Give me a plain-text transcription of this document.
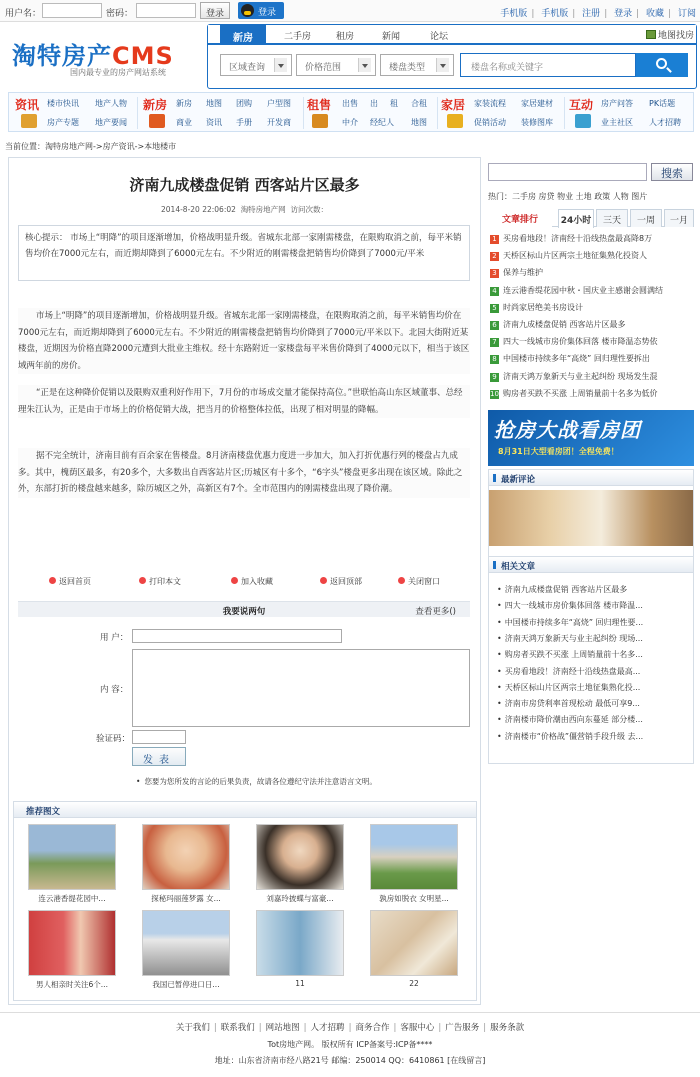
用户名：	密码：	登录	登录	手机版 | 手机版 | 注册 | 登录 | 收藏 | 订阅
淘特房产CMS
国内最专业的房产网站系统
新房	二手房	租房	新闻	论坛	地图找房
区域查询	价格范围	楼盘类型	楼盘名称或关键字
资讯 楼市快讯 地产人物
房产专题 地产要闻
新房 新房 地图 团购 户型图
商业 资讯 手册 开发商
租售 出售 出 租 合租
中介 经纪人 地图
家居 家装流程 家居建材
促销活动 装修图库
互动 房产问答 PK话题
业主社区 人才招聘
当前位置：淘特房地产网->房产资讯->本地楼市
济南九成楼盘促销 西客站片区最多
2014-8-20 22:06:02 淘特房地产网 访问次数：
核心提示： 市场上“明降”的项目逐渐增加，价格战明显升级。省城东北部一家刚需楼盘，在限购取消之前，每平米销售均价在7000元左右，而近期却降到了6000元左右。不少附近的刚需楼盘把销售均价降到了7000元/平米
市场上“明降”的项目逐渐增加，价格战明显升级。省城东北部一家刚需楼盘，在限购取消之前，每平米销售均价在7000元左右，而近期却降到了6000元左右。不少附近的刚需楼盘把销售均价降到了7000元/平米以下。北园大街附近某楼盘，近期因为价格直降2000元遭到大批业主维权。经十东路附近一家楼盘每平米售价降到了4000元以下，相当于该区域两年前的房价。
“正是在这种降价促销以及限购双重利好作用下，7月份的市场成交量才能保持高位。”世联怡高山东区域董事、总经理朱江认为，正是由于市场上的价格促销大战，把当月的价格整体拉低，出现了相对明显的降幅。
据不完全统计，济南目前有百余家在售楼盘。8月济南楼盘优惠力度进一步加大，加入打折优惠行列的楼盘占九成多。其中，槐荫区最多，有20多个，大多数出自西客站片区;历城区有十多个，“6字头”楼盘更多出现在该区域。除此之外，东部打折的楼盘越来越多，除历城区之外，高新区有7个。全市范围内的刚需楼盘出现了降价潮。
返回首页	打印本文	加入收藏	返回顶部	关闭窗口
我要说两句	查看更多()
用 户：
内 容：
验证码：
发表
• 您要为您所发的言论的后果负责，故请各位遵纪守法并注意语言文明。
推荐图文
连云港香缇花园中...	探秘玛丽莲梦露 女...	刘嘉玲披蝶与富豪...	孰房如脱衣 女明星...
男人相亲时关注6个...	我国已暂停进口日...	11	22
搜索
热门：二手房 房贷 物业 土地 政策 人物 图片
文章排行	24小时	三天	一周	一月
1 买房看地段！济南经十沿线热盘最高降8万
2 天桥区标山片区两宗土地征集熟化投资人
3 保养与维护
4 连云港香缇花园中秋・国庆业主感谢会圆满结
5 时尚家居绝美书房设计
6 济南九成楼盘促销 西客站片区最多
7 四大一线城市房价集体回落 楼市降温态势依
8 中国楼市持续多年“高烧” 回归理性要拆出
9 济南天鸿万象新天与业主起纠纷 现场发生混
10 购房者买跌不买涨 上周销量前十名多为低价
抢房大战看房团
8月31日大型看房团！全程免费！
最新评论
相关文章
• 济南九成楼盘促销 西客站片区最多
• 四大一线城市房价集体回落 楼市降温...
• 中国楼市持续多年“高烧” 回归理性要...
• 济南天鸿万象新天与业主起纠纷 现场...
• 购房者买跌不买涨 上周销量前十名多...
• 买房看地段！济南经十沿线热盘最高...
• 天桥区标山片区两宗土地征集熟化投...
• 济南市房贷利率首现松动 最低可享9...
• 济南楼市降价潮由西向东蔓延 部分楼...
• 济南楼市“价格战”僵营销手段升级 去...
关于我们 | 联系我们 | 网站地图 | 人才招聘 | 商务合作 | 客服中心 | 广告服务 | 服务条款
Tot房地产网。 版权所有 ICP备案号:ICP备****
地址：山东省济南市经八路21号 邮编：250014 QQ：6410861 [在线留言]
